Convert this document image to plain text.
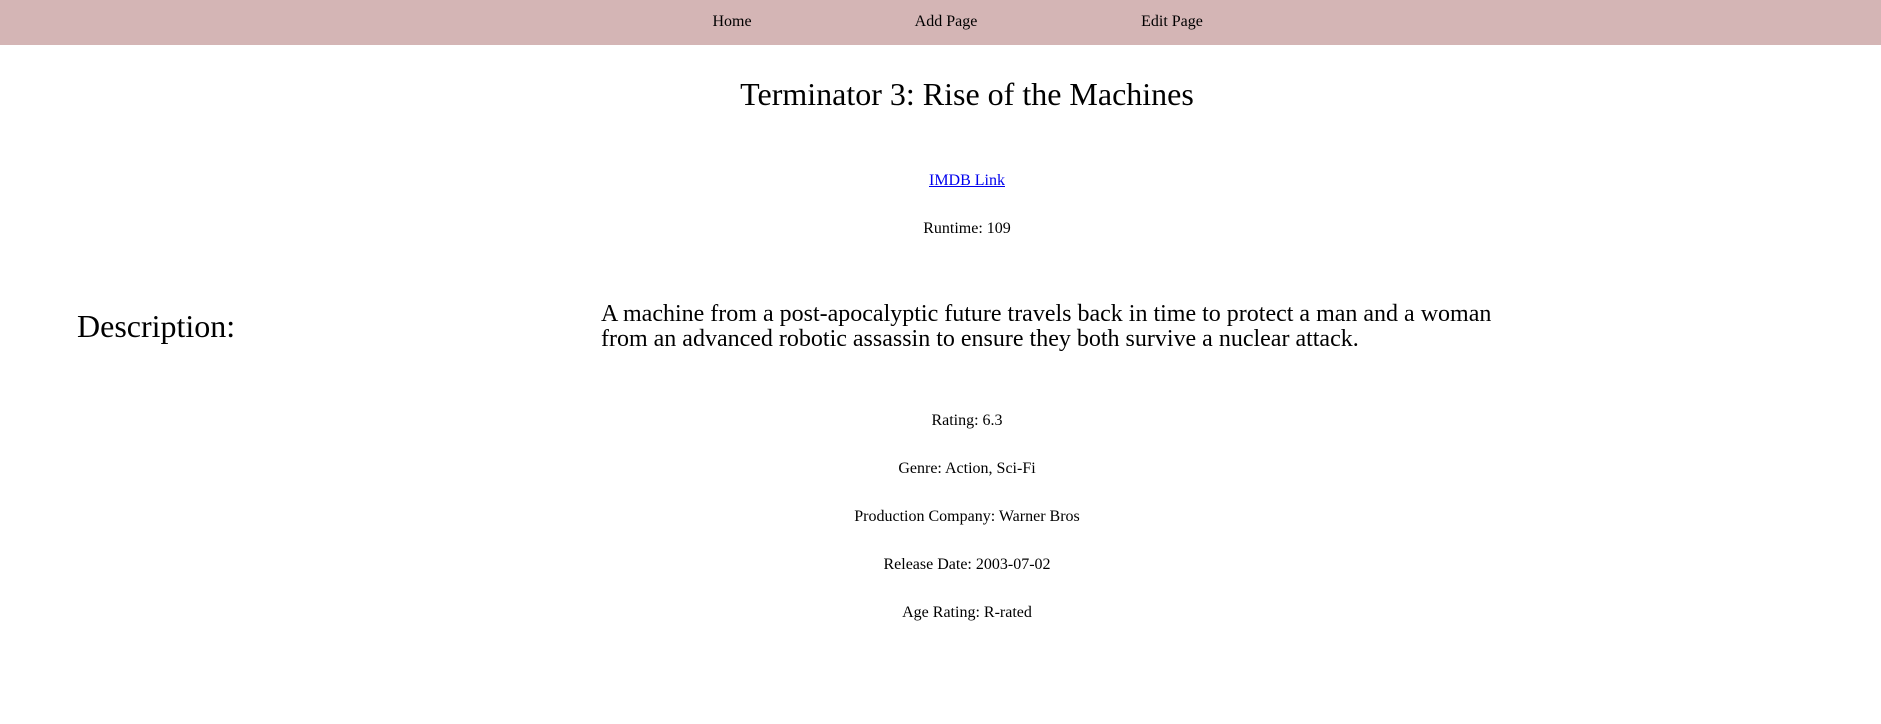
Home	Add Page	Edit Page
Terminator 3: Rise of the Machines
IMDB Link
Runtime: 109
Description:	A machine from a post-apocalyptic future travels back in time to protect a man and a woman from an advanced robotic assassin to ensure they both survive a nuclear attack.
Rating: 6.3
Genre: Action, Sci-Fi
Production Company: Warner Bros
Release Date: 2003-07-02
Age Rating: R-rated
